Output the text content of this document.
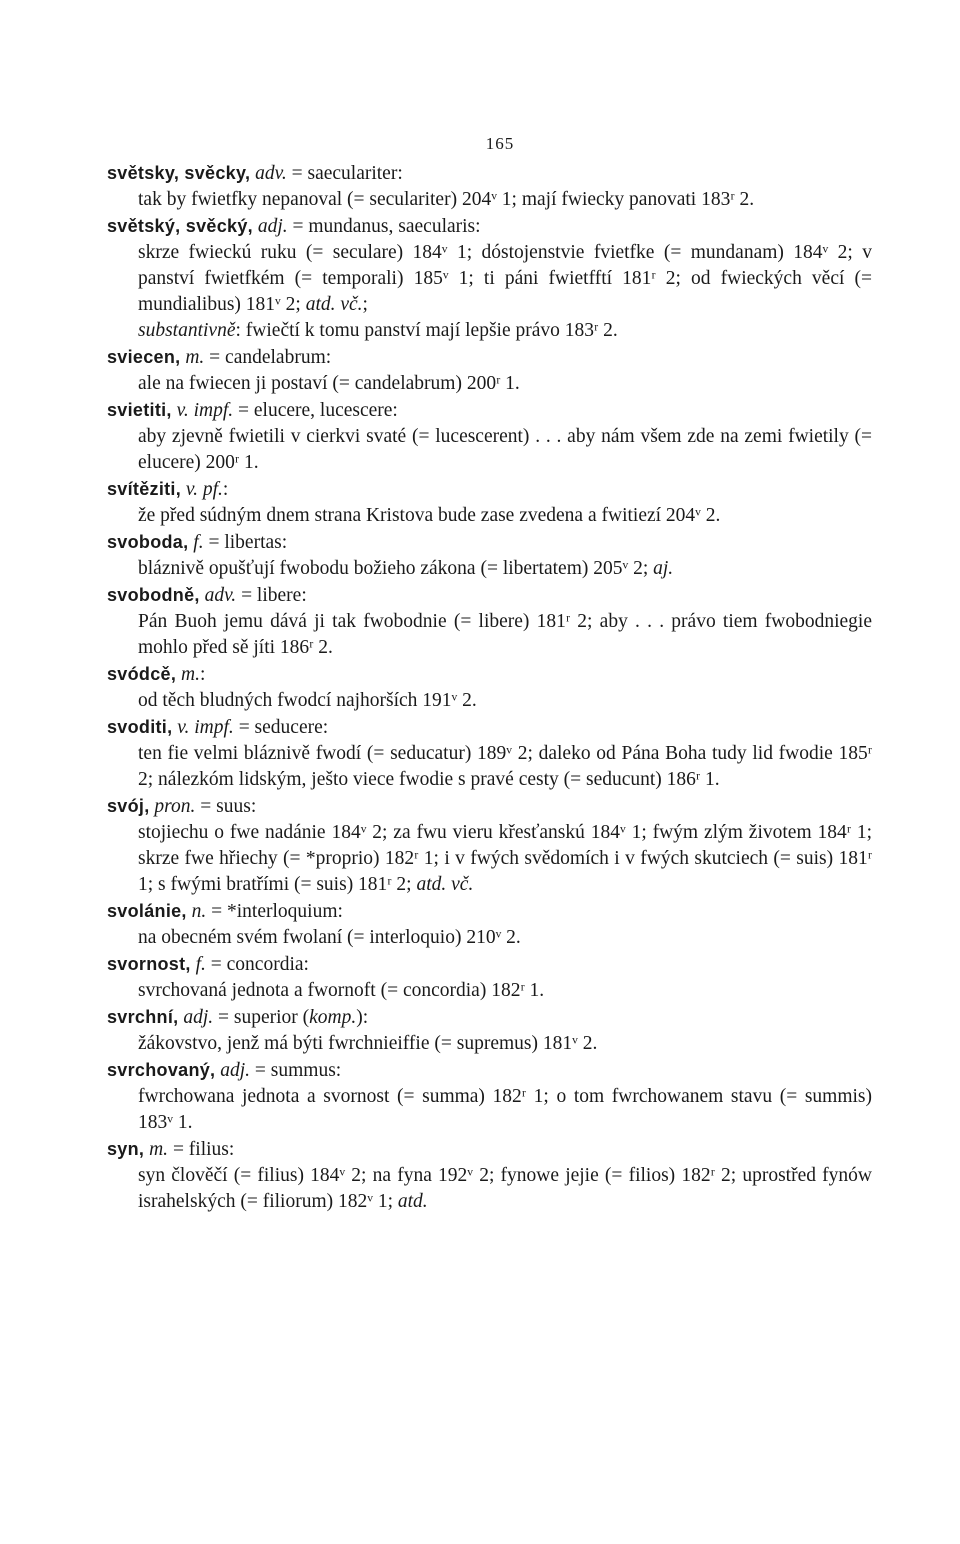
165

světsky, svěcky, adv. = saeculariter:

tak by fwietfky nepanoval (= seculariter) 204ᵛ 1; mají fwiecky panovati 183ʳ 2.

světský, svěcký, adj. = mundanus, saecularis:

skrze fwieckú ruku (= seculare) 184ᵛ 1; dóstojenstvie fvietfke (= mundanam) 184ᵛ 2; v panství fwietfkém (= temporali) 185ᵛ 1; ti páni fwietfftí 181ʳ 2; od fwieckých věcí (= mundialibus) 181ᵛ 2; atd. vč.;

substantivně: fwiečtí k tomu panství mají lepšie právo 183ʳ 2.

sviecen, m. = candelabrum:

ale na fwiecen ji postaví (= candelabrum) 200ʳ 1.

svietiti, v. impf. = elucere, lucescere:

aby zjevně fwietili v cierkvi svaté (= lucescerent) . . . aby nám všem zde na zemi fwietily (= elucere) 200ʳ 1.

svítěziti, v. pf.:

že před súdným dnem strana Kristova bude zase zvedena a fwitiezí 204ᵛ 2.

svoboda, f. = libertas:

bláznivě opušťují fwobodu božieho zákona (= libertatem) 205ᵛ 2; aj.

svobodně, adv. = libere:

Pán Buoh jemu dává ji tak fwobodnie (= libere) 181ʳ 2; aby . . . právo tiem fwobodniegie mohlo před sě jíti 186ʳ 2.

svódcě, m.:

od těch bludných fwodcí najhorších 191ᵛ 2.

svoditi, v. impf. = seducere:

ten fie velmi bláznivě fwodí (= seducatur) 189ᵛ 2; daleko od Pána Boha tudy lid fwodie 185ʳ 2; nálezkóm lidským, ješto viece fwodie s pravé cesty (= seducunt) 186ʳ 1.

svój, pron. = suus:

stojiechu o fwe nadánie 184ᵛ 2; za fwu vieru křesťanskú 184ᵛ 1; fwým zlým životem 184ʳ 1; skrze fwe hřiechy (= *proprio) 182ʳ 1; i v fwých svědomích i v fwých skutciech (= suis) 181ʳ 1; s fwými bratřími (= suis) 181ʳ 2; atd. vč.

svolánie, n. = *interloquium:

na obecném svém fwolaní (= interloquio) 210ᵛ 2.

svornost, f. = concordia:

svrchovaná jednota a fwornoft (= concordia) 182ʳ 1.

svrchní, adj. = superior (komp.):

žákovstvo, jenž má býti fwrchnieiffie (= supremus) 181ᵛ 2.

svrchovaný, adj. = summus:

fwrchowana jednota a svornost (= summa) 182ʳ 1; o tom fwrchowanem stavu (= summis) 183ᵛ 1.

syn, m. = filius:

syn člověčí (= filius) 184ᵛ 2; na fyna 192ᵛ 2; fynowe jejie (= filios) 182ʳ 2; uprostřed fynów israhelských (= filiorum) 182ᵛ 1; atd.
